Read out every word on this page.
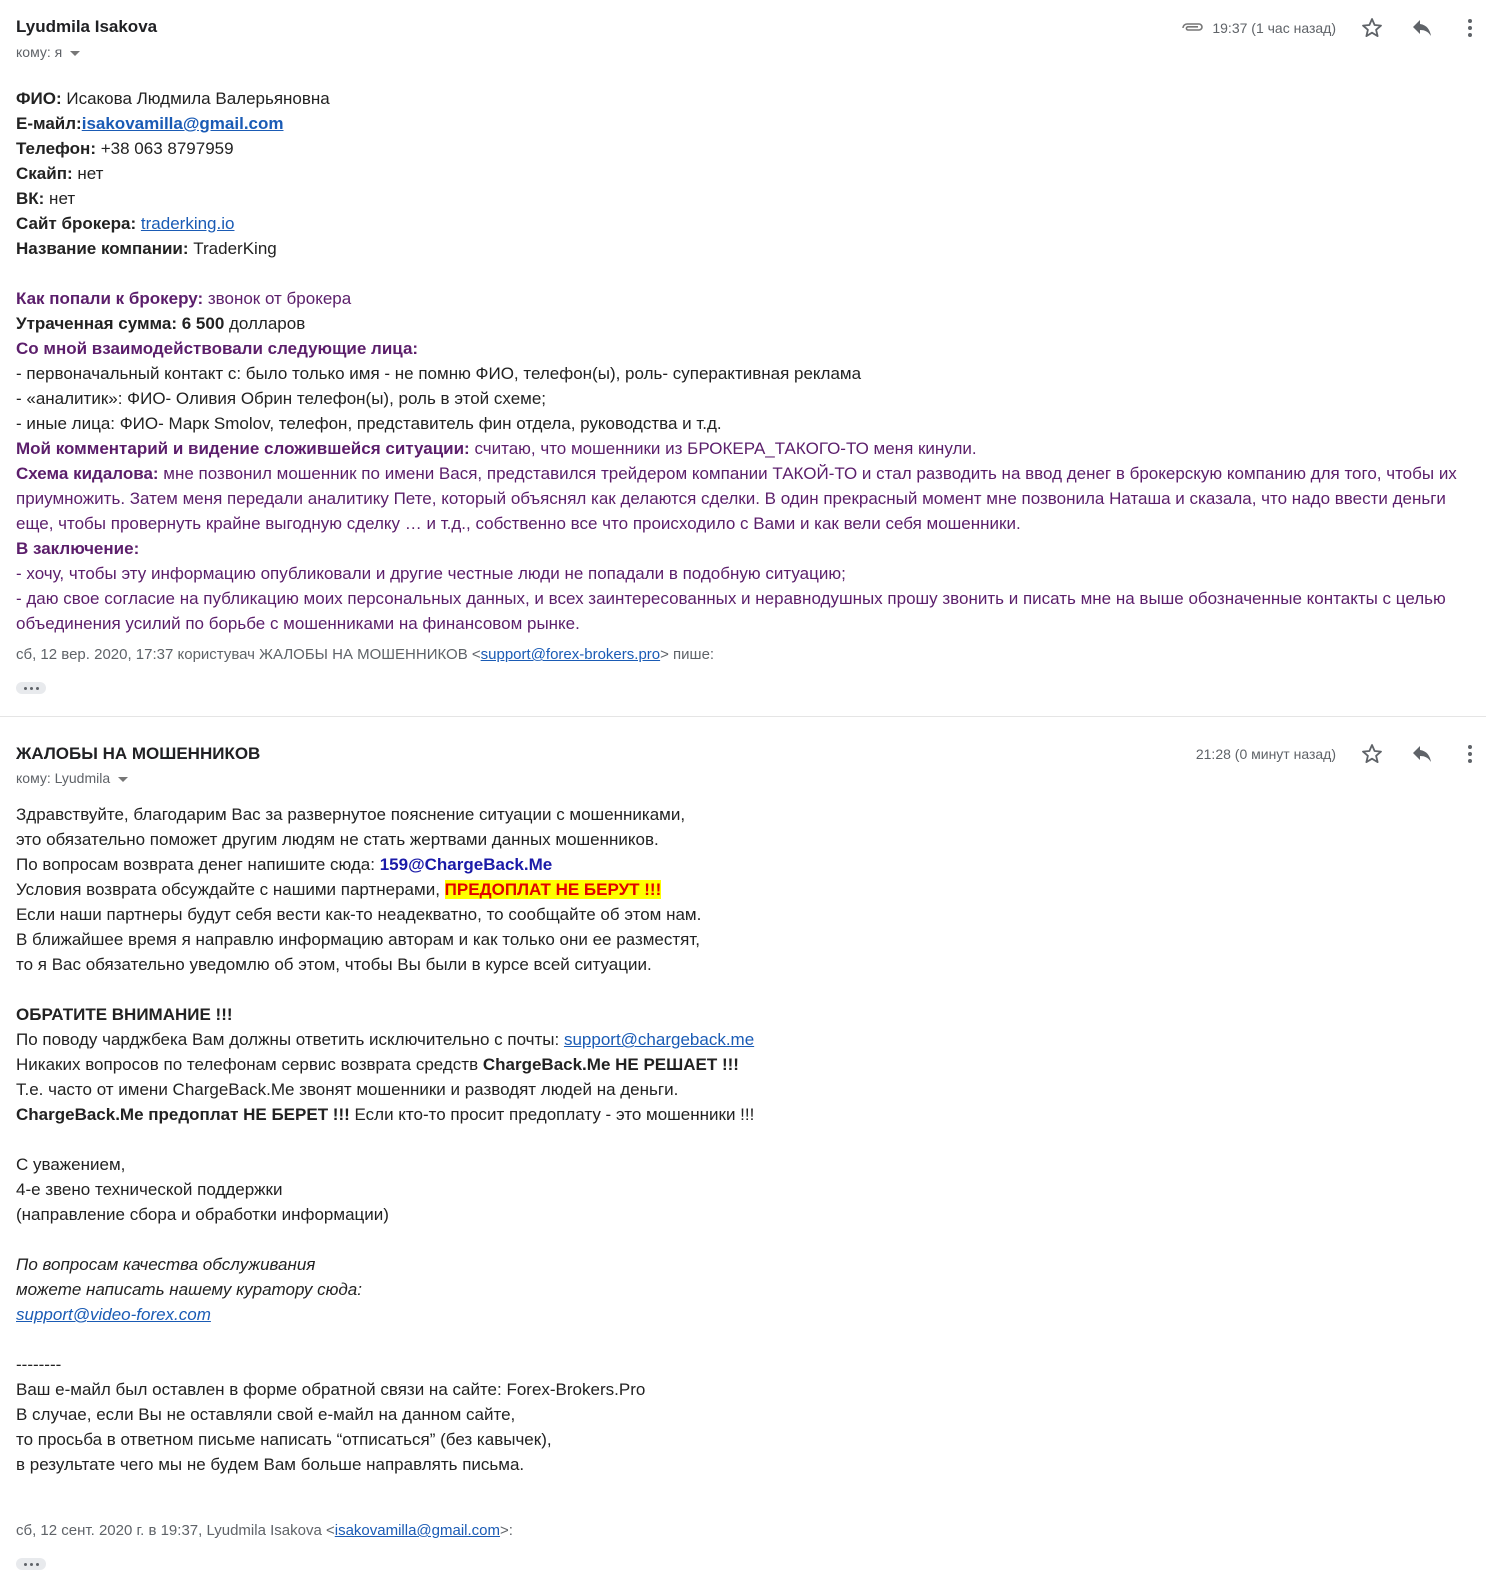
Lyudmila Isakova
кому: я
19:37 (1 час назад)
ФИО: Исакова Людмила Валерьяновна
Е-майл:isakovamilla@gmail.com
Телефон: +38 063 8797959
Скайп: нет
ВК: нет
Сайт брокера: traderking.io
Название компании: TraderKing
Как попали к брокеру: звонок от брокера
Утраченная сумма: 6 500 долларов
Со мной взаимодействовали следующие лица:
- первоначальный контакт с: было только имя - не помню ФИО, телефон(ы), роль- суперактивная реклама
- «аналитик»: ФИО- Оливия Обрин телефон(ы), роль в этой схеме;
- иные лица: ФИО- Марк Smolov, телефон, представитель фин отдела, руководства и т.д.
Мой комментарий и видение сложившейся ситуации: считаю, что мошенники из БРОКЕРА_ТАКОГО-ТО меня кинули.
Схема кидалова: мне позвонил мошенник по имени Вася, представился трейдером компании ТАКОЙ-ТО и стал разводить на ввод денег в брокерскую компанию для того, чтобы их приумножить. Затем меня передали аналитику Пете, который объяснял как делаются сделки. В один прекрасный момент мне позвонила Наташа и сказала, что надо ввести деньги еще, чтобы провернуть крайне выгодную сделку … и т.д., собственно все что происходило с Вами и как вели себя мошенники.
В заключение:
- хочу, чтобы эту информацию опубликовали и другие честные люди не попадали в подобную ситуацию;
- даю свое согласие на публикацию моих персональных данных, и всех заинтересованных и неравнодушных прошу звонить и писать мне на выше обозначенные контакты с целью объединения усилий по борьбе с мошенниками на финансовом рынке.
сб, 12 вер. 2020, 17:37 користувач ЖАЛОБЫ НА МОШЕННИКОВ <support@forex-brokers.pro> пише:
ЖАЛОБЫ НА МОШЕННИКОВ
кому: Lyudmila
21:28 (0 минут назад)
Здравствуйте, благодарим Вас за развернутое пояснение ситуации с мошенниками,
это обязательно поможет другим людям не стать жертвами данных мошенников.
По вопросам возврата денег напишите сюда: 159@ChargeBack.Me
Условия возврата обсуждайте с нашими партнерами, ПРЕДОПЛАТ НЕ БЕРУТ !!!
Если наши партнеры будут себя вести как-то неадекватно, то сообщайте об этом нам.
В ближайшее время я направлю информацию авторам и как только они ее разместят,
то я Вас обязательно уведомлю об этом, чтобы Вы были в курсе всей ситуации.
ОБРАТИТЕ ВНИМАНИЕ !!!
По поводу чарджбека Вам должны ответить исключительно с почты: support@chargeback.me
Никаких вопросов по телефонам сервис возврата средств ChargeBack.Me НЕ РЕШАЕТ !!!
Т.е. часто от имени ChargeBack.Me звонят мошенники и разводят людей на деньги.
ChargeBack.Me предоплат НЕ БЕРЕТ !!! Если кто-то просит предоплату - это мошенники !!!
С уважением,
4-е звено технической поддержки
(направление сбора и обработки информации)
По вопросам качества обслуживания
можете написать нашему куратору сюда:
support@video-forex.com
--------
Ваш е-майл был оставлен в форме обратной связи на сайте: Forex-Brokers.Pro
В случае, если Вы не оставляли свой е-майл на данном сайте,
то просьба в ответном письме написать “отписаться” (без кавычек),
в результате чего мы не будем Вам больше направлять письма.
сб, 12 сент. 2020 г. в 19:37, Lyudmila Isakova <isakovamilla@gmail.com>:
